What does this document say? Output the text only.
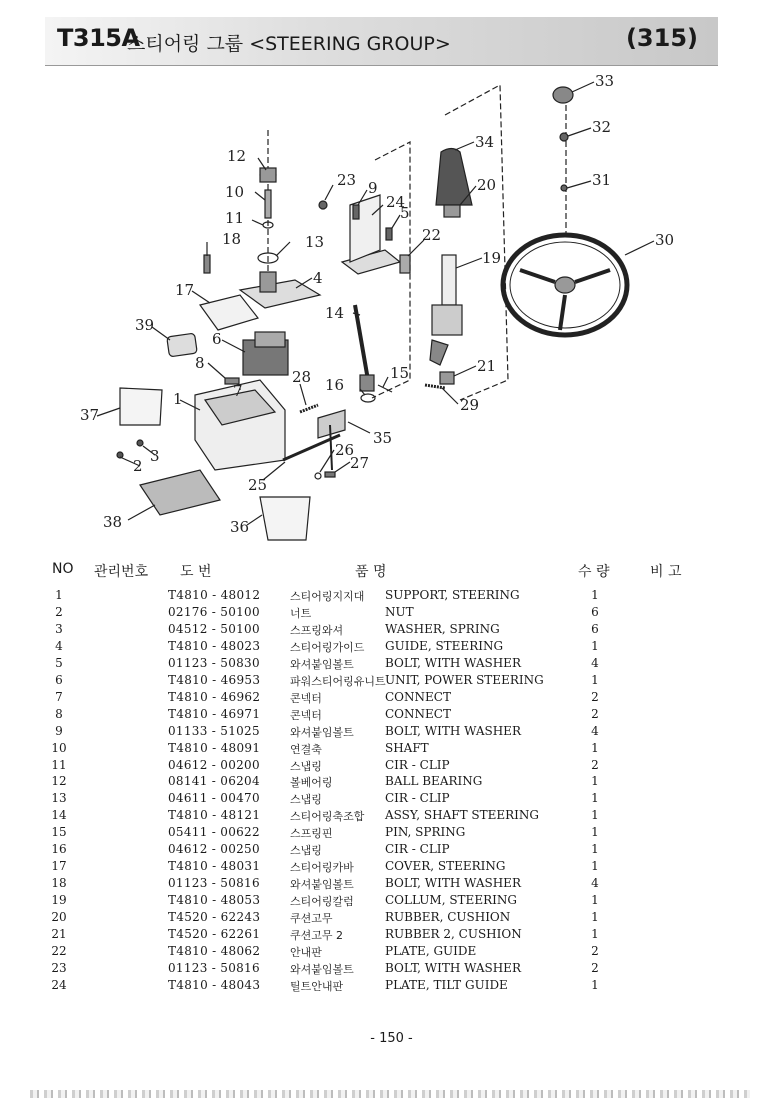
T315A
스티어링 그룹 <STEERING GROUP>	(315)
1
2
3
4
5
6
7
8
9
10
11
12
13
14
15
16
17
18
19
20
21
22
23
24
25
26
27
28
29
30
31
32
33
34
35
36
37
38
39
NO 관리번호 도 번	품 명	수 량	비 고
1	T4810 - 48012	스티어링지지대 SUPPORT, STEERING	1
2	02176 - 50100	너트	NUT	6
3	04512 - 50100	스프링와셔	WASHER, SPRING	6
4	T4810 - 48023	스티어링가이드 GUIDE, STEERING	1
5	01123 - 50830	와셔붙임볼트	BOLT, WITH WASHER	4
6	T4810 - 46953	파워스티어링유니트 UNIT, POWER STEERING	1
7	T4810 - 46962	콘넥터	CONNECT	2
8	T4810 - 46971	콘넥터	CONNECT	2
9	01133 - 51025	와셔붙임볼트	BOLT, WITH WASHER	4
10	T4810 - 48091	연결축	SHAFT	1
11	04612 - 00200	스냅링	CIR - CLIP	2
12	08141 - 06204	볼베어링	BALL BEARING	1
13	04611 - 00470	스냅링	CIR - CLIP	1
14	T4810 - 48121	스티어링축조합 ASSY, SHAFT STEERING	1
15	05411 - 00622	스프링핀	PIN, SPRING	1
16	04612 - 00250	스냅링	CIR - CLIP	1
17	T4810 - 48031	스티어링카바	COVER, STEERING	1
18	01123 - 50816	와셔붙임볼트	BOLT, WITH WASHER	4
19	T4810 - 48053	스티어링칼럼	COLLUM, STEERING	1
20	T4520 - 62243	쿠션고무	RUBBER, CUSHION	1
21	T4520 - 62261	쿠션고무 2	RUBBER 2, CUSHION	1
22	T4810 - 48062	안내판	PLATE, GUIDE	2
23	01123 - 50816	와셔붙임볼트	BOLT, WITH WASHER	2
24	T4810 - 48043	틸트안내판	PLATE, TILT GUIDE	1
- 150 -
